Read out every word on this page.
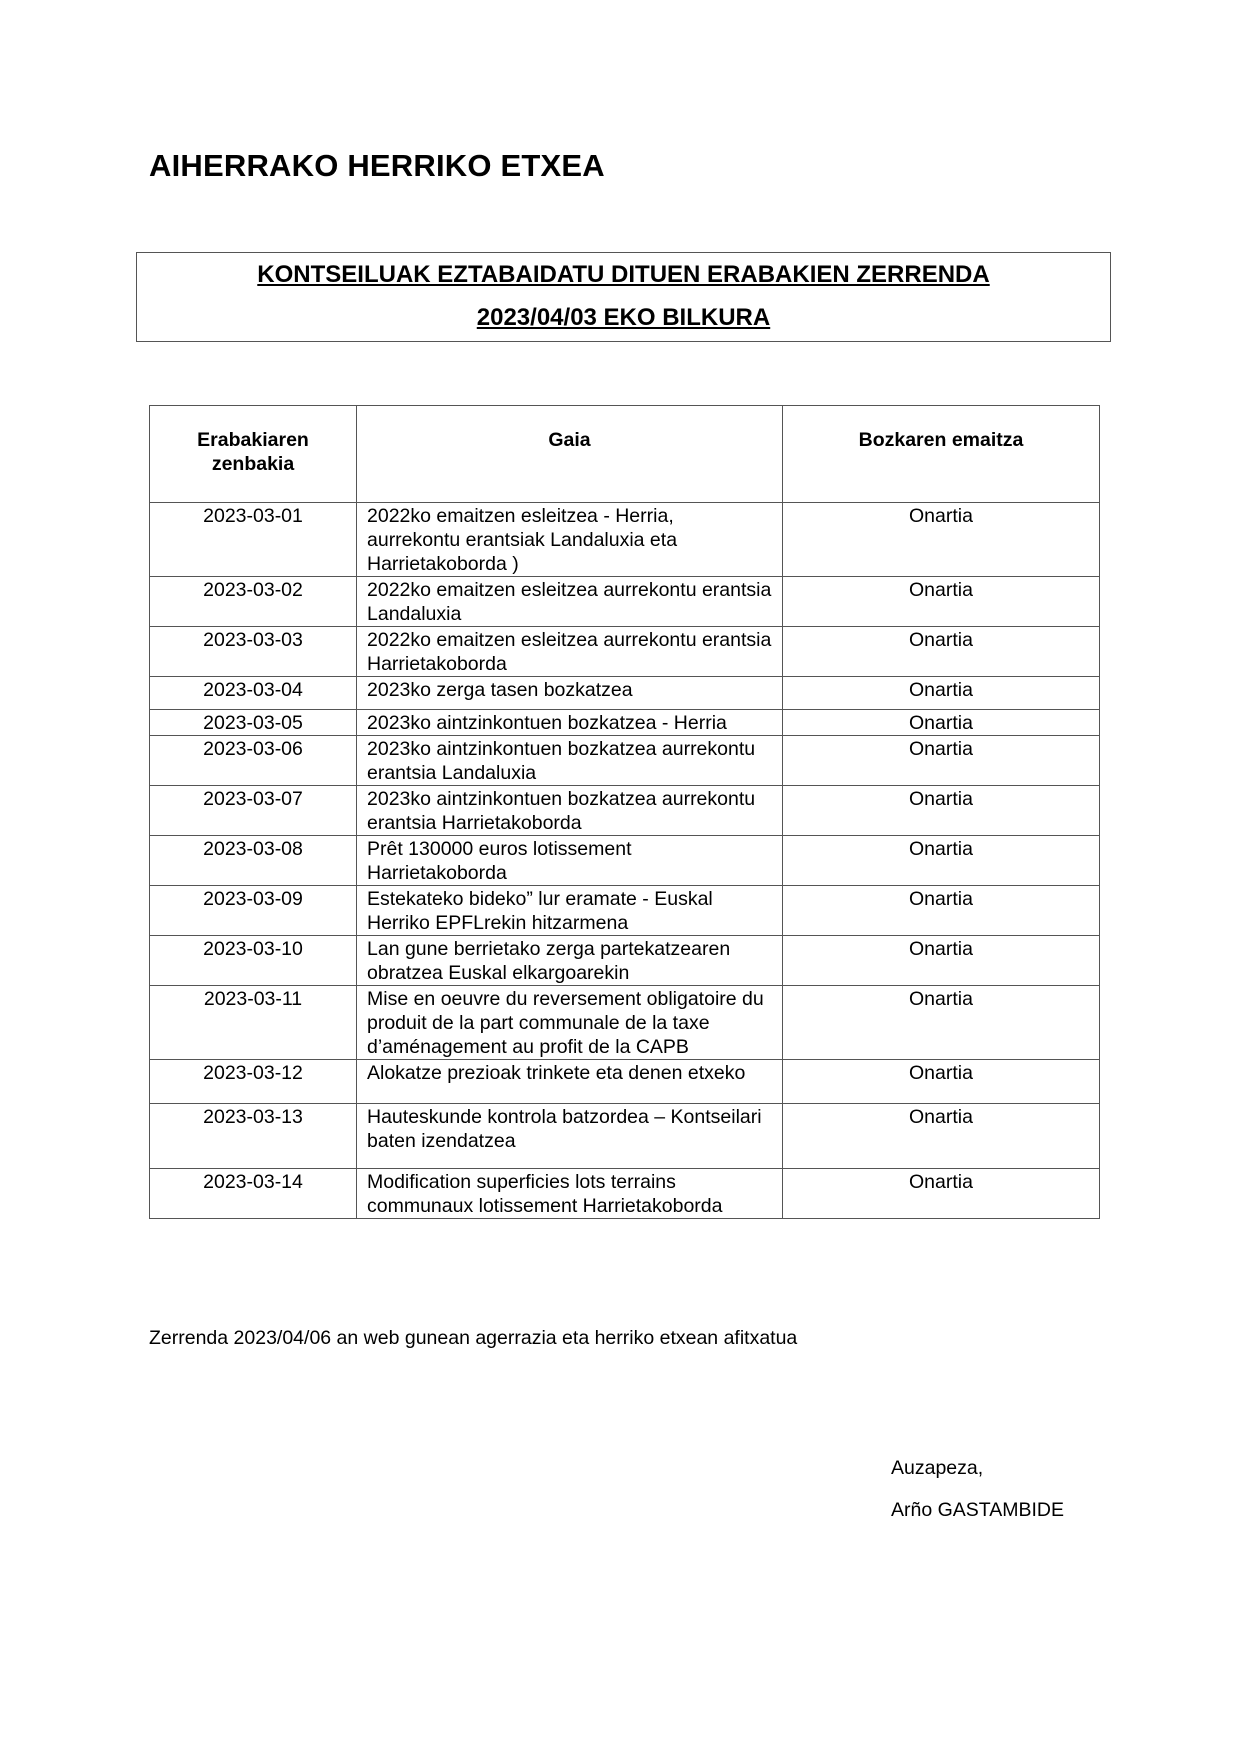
AIHERRAKO HERRIKO ETXEA
KONTSEILUAK EZTABAIDATU DITUEN ERABAKIEN ZERRENDA
2023/04/03 EKO BILKURA
Erabakiaren zenbakia	Gaia	Bozkaren emaitza
2023-03-01	2022ko emaitzen esleitzea - Herria, aurrekontu erantsiak Landaluxia eta Harrietakoborda )	Onartia
2023-03-02	2022ko emaitzen esleitzea aurrekontu erantsia Landaluxia	Onartia
2023-03-03	2022ko emaitzen esleitzea aurrekontu erantsia Harrietakoborda	Onartia
2023-03-04	2023ko zerga tasen bozkatzea	Onartia
2023-03-05	2023ko aintzinkontuen bozkatzea - Herria	Onartia
2023-03-06	2023ko aintzinkontuen bozkatzea aurrekontu erantsia Landaluxia	Onartia
2023-03-07	2023ko aintzinkontuen bozkatzea aurrekontu erantsia Harrietakoborda	Onartia
2023-03-08	Prêt 130000 euros lotissement Harrietakoborda	Onartia
2023-03-09	Estekateko bideko” lur eramate - Euskal Herriko EPFLrekin hitzarmena	Onartia
2023-03-10	Lan gune berrietako zerga partekatzearen obratzea Euskal elkargoarekin	Onartia
2023-03-11	Mise en oeuvre du reversement obligatoire du produit de la part communale de la taxe d’aménagement au profit de la CAPB	Onartia
2023-03-12	Alokatze prezioak trinkete eta denen etxeko	Onartia
2023-03-13	Hauteskunde kontrola batzordea – Kontseilari baten izendatzea	Onartia
2023-03-14	Modification superficies lots terrains communaux lotissement Harrietakoborda	Onartia
Zerrenda 2023/04/06 an web gunean agerrazia eta herriko etxean afitxatua
Auzapeza,
Arño GASTAMBIDE
